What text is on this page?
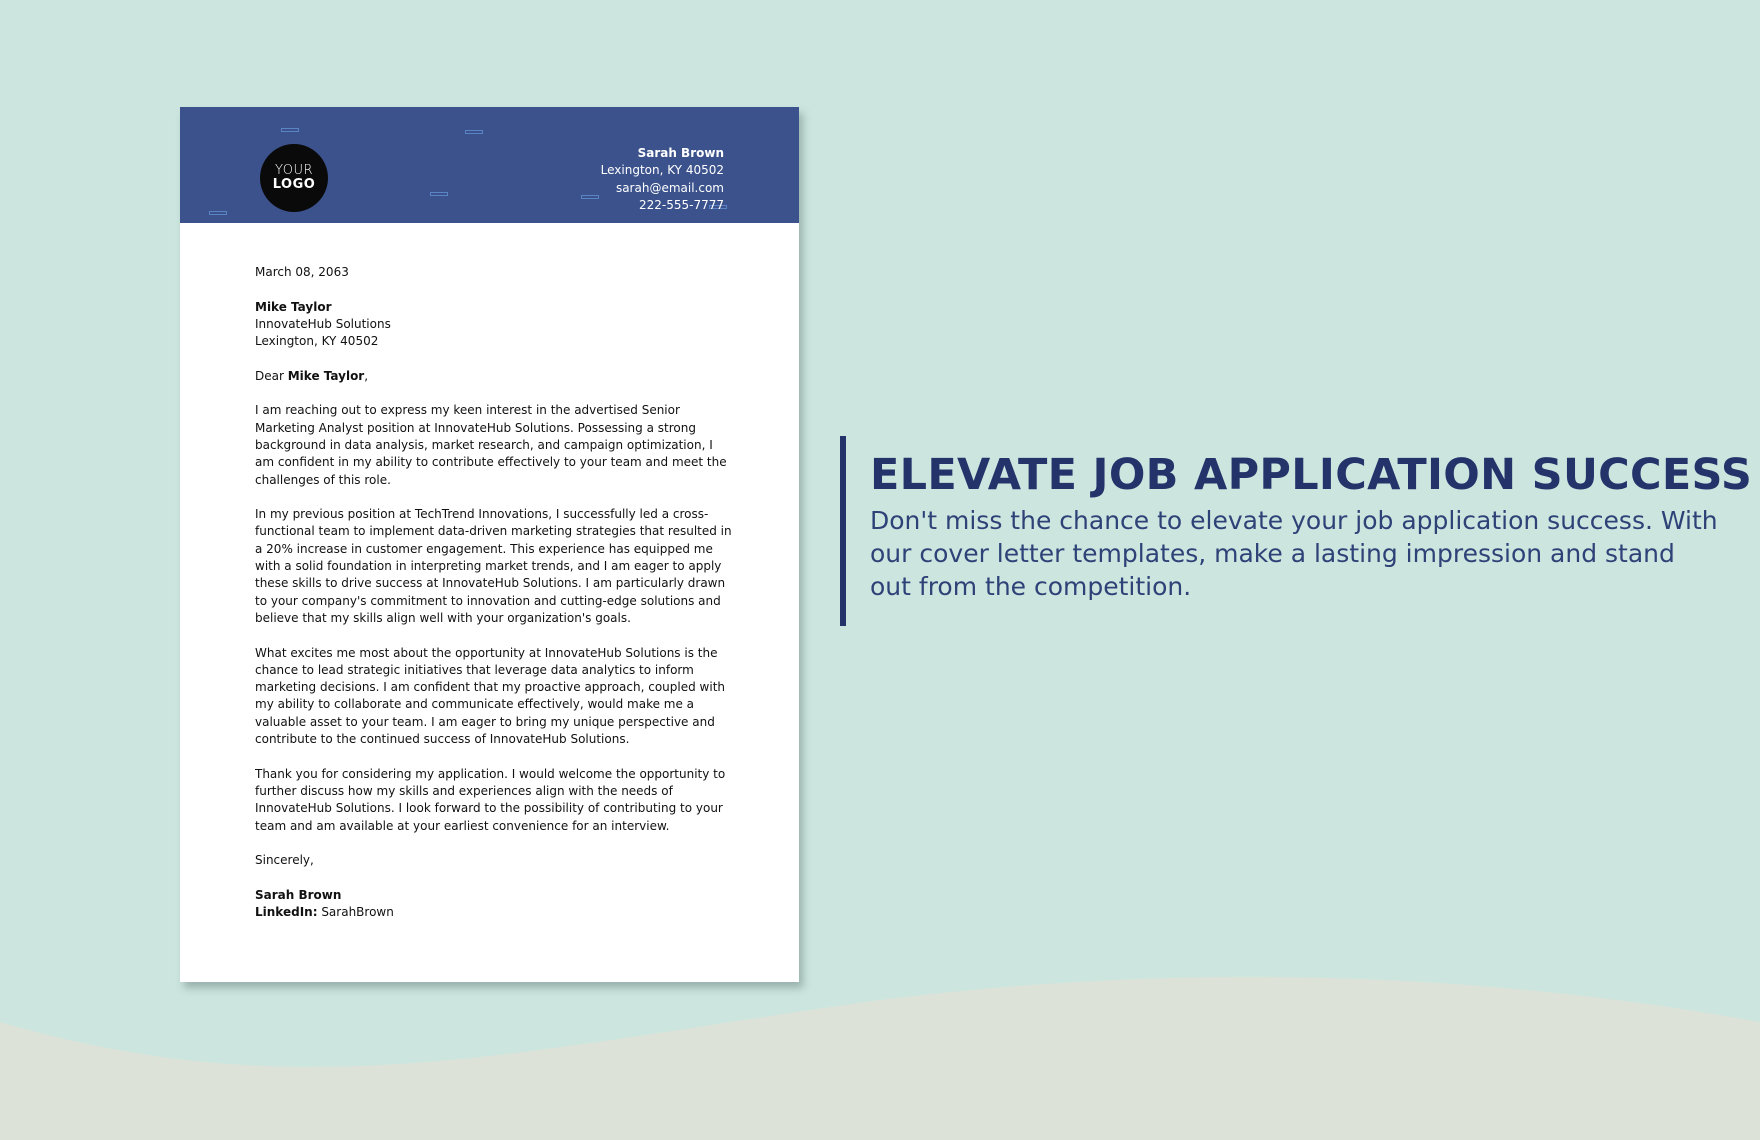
YOUR
LOGO
Sarah Brown
Lexington, KY 40502
sarah@email.com
222-555-7777

March 08, 2063

Mike Taylor
InnovateHub Solutions
Lexington, KY 40502

Dear Mike Taylor,

I am reaching out to express my keen interest in the advertised Senior Marketing Analyst position at InnovateHub Solutions. Possessing a strong background in data analysis, market research, and campaign optimization, I am confident in my ability to contribute effectively to your team and meet the challenges of this role.

In my previous position at TechTrend Innovations, I successfully led a cross-functional team to implement data-driven marketing strategies that resulted in a 20% increase in customer engagement. This experience has equipped me with a solid foundation in interpreting market trends, and I am eager to apply these skills to drive success at InnovateHub Solutions. I am particularly drawn to your company's commitment to innovation and cutting-edge solutions and believe that my skills align well with your organization's goals.

What excites me most about the opportunity at InnovateHub Solutions is the chance to lead strategic initiatives that leverage data analytics to inform marketing decisions. I am confident that my proactive approach, coupled with my ability to collaborate and communicate effectively, would make me a valuable asset to your team. I am eager to bring my unique perspective and contribute to the continued success of InnovateHub Solutions.

Thank you for considering my application. I would welcome the opportunity to further discuss how my skills and experiences align with the needs of InnovateHub Solutions. I look forward to the possibility of contributing to your team and am available at your earliest convenience for an interview.

Sincerely,

Sarah Brown
LinkedIn: SarahBrown

ELEVATE JOB APPLICATION SUCCESS

Don't miss the chance to elevate your job application success. With our cover letter templates, make a lasting impression and stand out from the competition.
